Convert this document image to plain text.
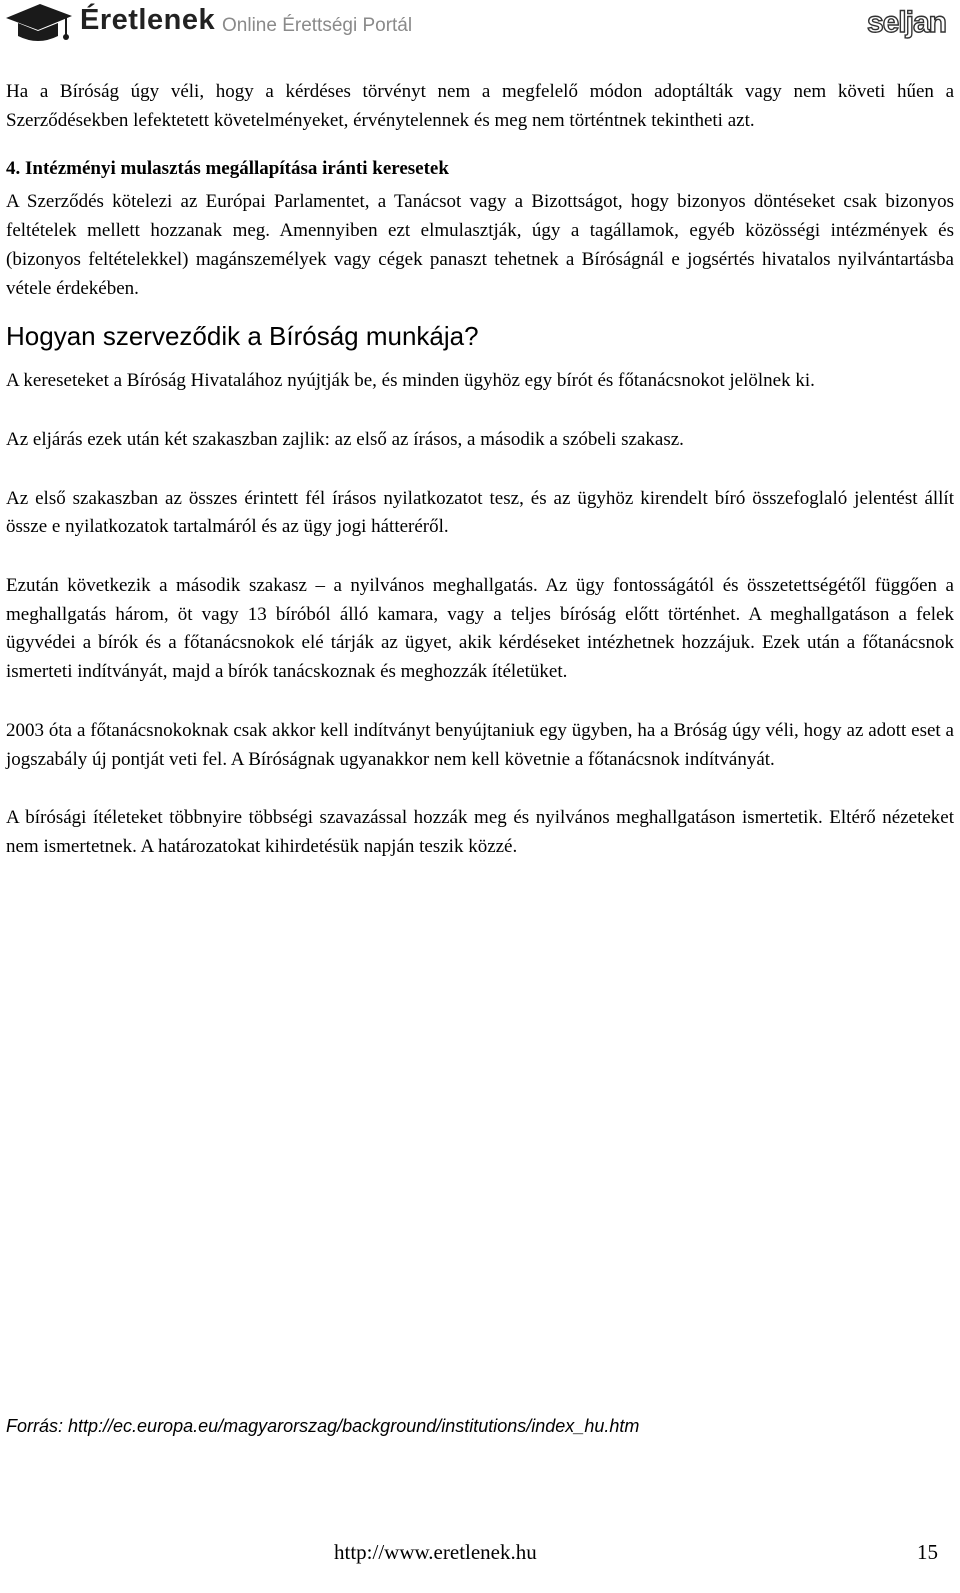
Éretlenek Online Érettségi Portál	seljan

Ha a Bíróság úgy véli, hogy a kérdéses törvényt nem a megfelelő módon adoptálták vagy nem követi hűen a Szerződésekben lefektetett követelményeket, érvénytelennek és meg nem történtnek tekintheti azt.

4. Intézményi mulasztás megállapítása iránti keresetek

A Szerződés kötelezi az Európai Parlamentet, a Tanácsot vagy a Bizottságot, hogy bizonyos döntéseket csak bizonyos feltételek mellett hozzanak meg. Amennyiben ezt elmulasztják, úgy a tagállamok, egyéb közösségi intézmények és (bizonyos feltételekkel) magánszemélyek vagy cégek panaszt tehetnek a Bíróságnál e jogsértés hivatalos nyilvántartásba vétele érdekében.

Hogyan szerveződik a Bíróság munkája?

A kereseteket a Bíróság Hivatalához nyújtják be, és minden ügyhöz egy bírót és főtanácsnokot jelölnek ki.

Az eljárás ezek után két szakaszban zajlik: az első az írásos, a második a szóbeli szakasz.

Az első szakaszban az összes érintett fél írásos nyilatkozatot tesz, és az ügyhöz kirendelt bíró összefoglaló jelentést állít össze e nyilatkozatok tartalmáról és az ügy jogi hátteréről.

Ezután következik a második szakasz – a nyilvános meghallgatás. Az ügy fontosságától és összetettségétől függően a meghallgatás három, öt vagy 13 bíróból álló kamara, vagy a teljes bíróság előtt történhet. A meghallgatáson a felek ügyvédei a bírók és a főtanácsnokok elé tárják az ügyet, akik kérdéseket intézhetnek hozzájuk. Ezek után a főtanácsnok ismerteti indítványát, majd a bírók tanácskoznak és meghozzák ítéletüket.

2003 óta a főtanácsnokoknak csak akkor kell indítványt benyújtaniuk egy ügyben, ha a Bróság úgy véli, hogy az adott eset a jogszabály új pontját veti fel. A Bíróságnak ugyanakkor nem kell követnie a főtanácsnok indítványát.

A bírósági ítéleteket többnyire többségi szavazással hozzák meg és nyilvános meghallgatáson ismertetik. Eltérő nézeteket nem ismertetnek. A határozatokat kihirdetésük napján teszik közzé.

Forrás: http://ec.europa.eu/magyarorszag/background/institutions/index_hu.htm
http://www.eretlenek.hu	15
